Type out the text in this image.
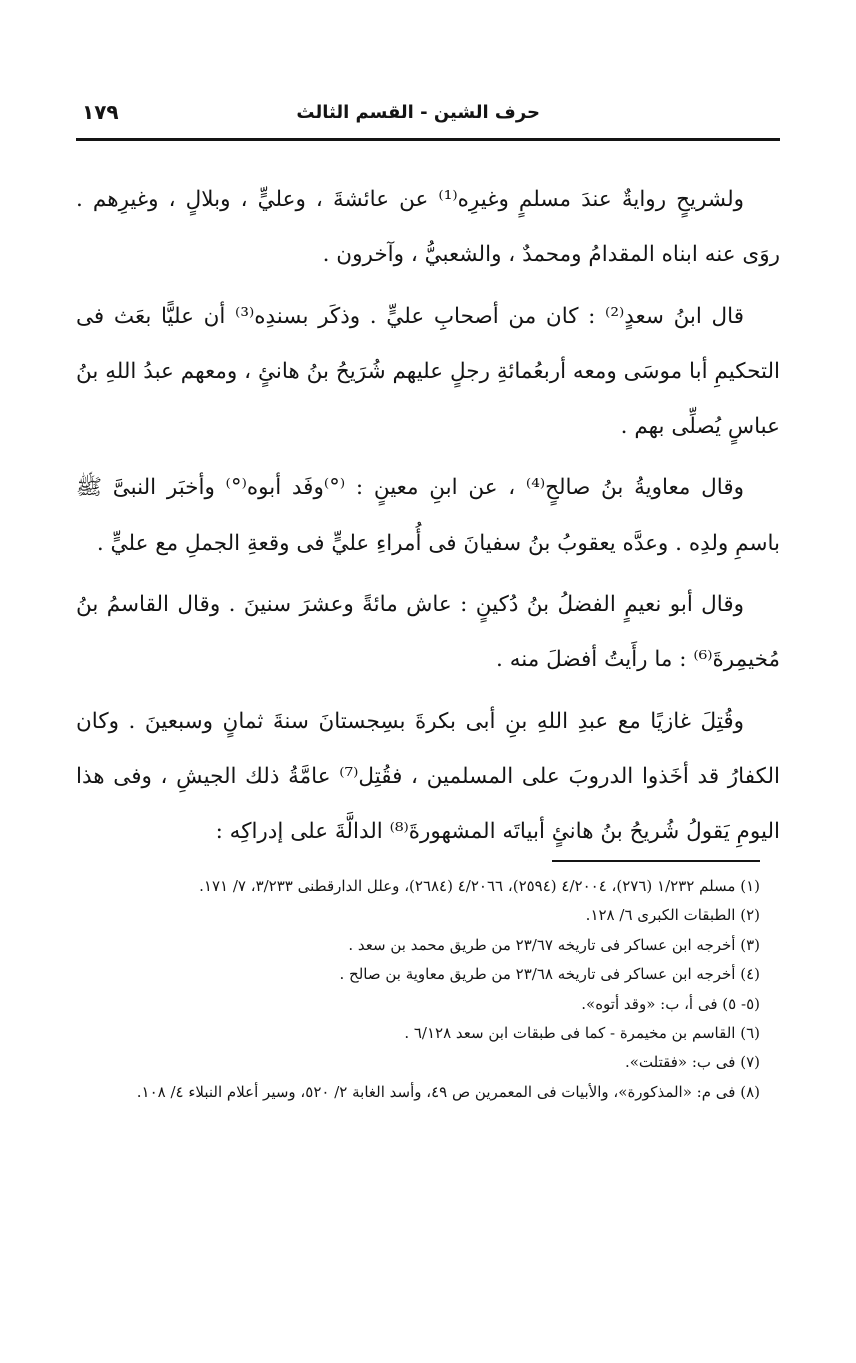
حرف الشين - القسم الثالث
١٧٩

ولشريحٍ روايةٌ عندَ مسلمٍ وغيرِه⁽¹⁾ عن عائشةَ ، وعليٍّ ، وبلالٍ ، وغيرِهم . روَى عنه ابناه المقدامُ ومحمدٌ ، والشعبيُّ ، وآخرون .

قال ابنُ سعدٍ⁽²⁾ : كان من أصحابِ عليٍّ . وذكَر بسندِه⁽³⁾ أن عليًّا بعَث فى التحكيمِ أبا موسَى ومعه أربعُمائةِ رجلٍ عليهم شُرَيحُ بنُ هانئٍ ، ومعهم عبدُ اللهِ بنُ عباسٍ يُصلِّى بهم .

وقال معاويةُ بنُ صالحٍ⁽⁴⁾ ، عن ابنِ معينٍ : ⁽°⁾وفَد أبوه⁽°⁾ وأخبَر النبىَّ ﷺ باسمِ ولدِه . وعدَّه يعقوبُ بنُ سفيانَ فى أُمراءِ عليٍّ فى وقعةِ الجملِ مع عليٍّ .

وقال أبو نعيمٍ الفضلُ بنُ دُكينٍ : عاش مائةً وعشرَ سنينَ . وقال القاسمُ بنُ مُخيمِرةَ⁽⁶⁾ : ما رأَيتُ أفضلَ منه .

وقُتِلَ غازيًا مع عبدِ اللهِ بنِ أبى بكرةَ بسِجستانَ سنةَ ثمانٍ وسبعينَ . وكان الكفارُ قد أخَذوا الدروبَ على المسلمين ، فقُتِل⁽⁷⁾ عامَّةُ ذلك الجيشِ ، وفى هذا اليومِ يَقولُ شُريحُ بنُ هانئٍ أبياتَه المشهورةَ⁽⁸⁾ الدالَّةَ على إدراكِه :

(١) مسلم ١/٢٣٢ (٢٧٦)، ٤/٢٠٠٤ (٢٥٩٤)، ٤/٢٠٦٦ (٢٦٨٤)، وعلل الدارقطنى ٣/٢٣٣، ٧/ ١٧١.

(٢) الطبقات الكبرى ٦/ ١٢٨.

(٣) أخرجه ابن عساكر فى تاريخه ٢٣/٦٧ من طريق محمد بن سعد .

(٤) أخرجه ابن عساكر فى تاريخه ٢٣/٦٨ من طريق معاوية بن صالح .

(٥- ٥) فى أ، ب: «وقد أتوه».

(٦) القاسم بن مخيمرة - كما فى طبقات ابن سعد ٦/١٢٨ .

(٧) فى ب: «فقتلت».

(٨) فى م: «المذكورة»، والأبيات فى المعمرين ص ٤٩، وأسد الغابة ٢/ ٥٢٠، وسير أعلام النبلاء ٤/ ١٠٨.
